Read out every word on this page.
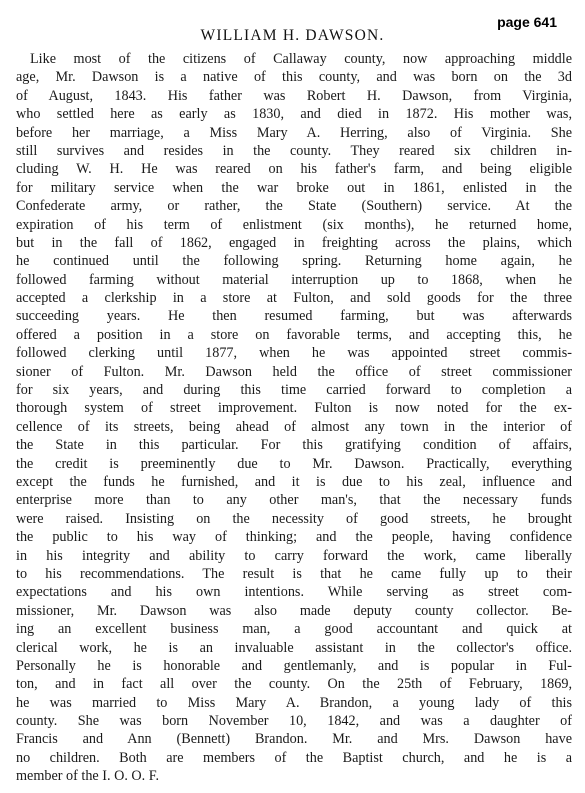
page 641
WILLIAM H. DAWSON.
Like most of the citizens of Callaway county, now approaching middle
age, Mr. Dawson is a native of this county, and was born on the 3d
of August, 1843. His father was Robert H. Dawson, from Virginia,
who settled here as early as 1830, and died in 1872. His mother was,
before her marriage, a Miss Mary A. Herring, also of Virginia. She
still survives and resides in the county. They reared six children in-
cluding W. H. He was reared on his father's farm, and being eligible
for military service when the war broke out in 1861, enlisted in the
Confederate army, or rather, the State (Southern) service. At the
expiration of his term of enlistment (six months), he returned home,
but in the fall of 1862, engaged in freighting across the plains, which
he continued until the following spring. Returning home again, he
followed farming without material interruption up to 1868, when he
accepted a clerkship in a store at Fulton, and sold goods for the three
succeeding years. He then resumed farming, but was afterwards
offered a position in a store on favorable terms, and accepting this, he
followed clerking until 1877, when he was appointed street commis-
sioner of Fulton. Mr. Dawson held the office of street commissioner
for six years, and during this time carried forward to completion a
thorough system of street improvement. Fulton is now noted for the ex-
cellence of its streets, being ahead of almost any town in the interior of
the State in this particular. For this gratifying condition of affairs,
the credit is preeminently due to Mr. Dawson. Practically, everything
except the funds he furnished, and it is due to his zeal, influence and
enterprise more than to any other man's, that the necessary funds
were raised. Insisting on the necessity of good streets, he brought
the public to his way of thinking; and the people, having confidence
in his integrity and ability to carry forward the work, came liberally
to his recommendations. The result is that he came fully up to their
expectations and his own intentions. While serving as street com-
missioner, Mr. Dawson was also made deputy county collector. Be-
ing an excellent business man, a good accountant and quick at
clerical work, he is an invaluable assistant in the collector's office.
Personally he is honorable and gentlemanly, and is popular in Ful-
ton, and in fact all over the county. On the 25th of February, 1869,
he was married to Miss Mary A. Brandon, a young lady of this
county. She was born November 10, 1842, and was a daughter of
Francis and Ann (Bennett) Brandon. Mr. and Mrs. Dawson have
no children. Both are members of the Baptist church, and he is a
member of the I. O. O. F.
